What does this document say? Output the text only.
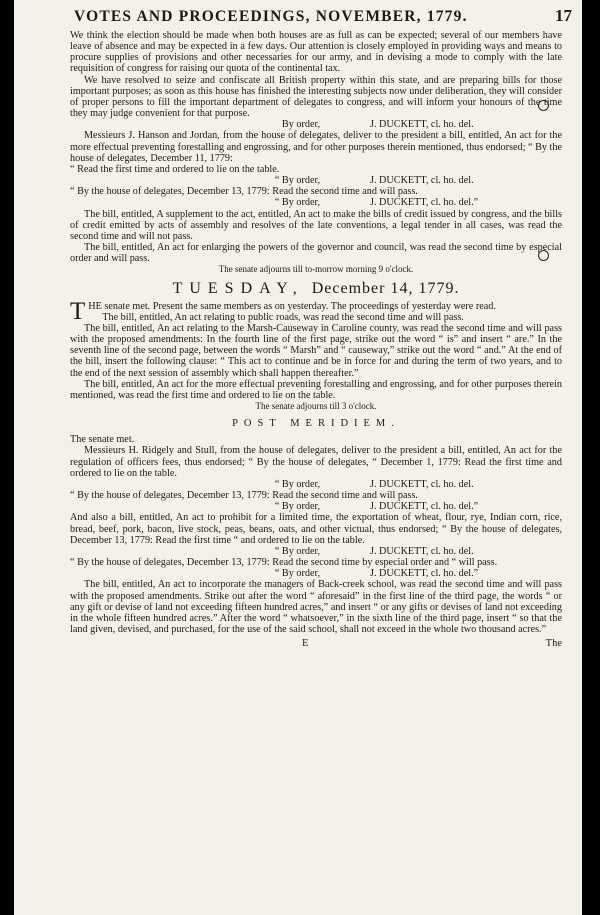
VOTES AND PROCEEDINGS, NOVEMBER, 1779.	17

We think the election should be made when both houses are as full as can be expected; several of our members have leave of absence and may be expected in a few days. Our attention is closely employed in providing ways and means to procure supplies of provisions and other necessaries for our army, and in devising a mode to comply with the late requisition of congress for raising our quota of the continental tax.

We have resolved to seize and confiscate all British property within this state, and are preparing bills for those important purposes; as soon as this house has finished the interesting subjects now under deliberation, they will consider of proper persons to fill the important department of delegates to congress, and will inform your honours of the time they may judge convenient for that purpose.

By order,	J. DUCKETT, cl. ho. del.

Messieurs J. Hanson and Jordan, from the house of delegates, deliver to the president a bill, entitled, An act for the more effectual preventing forestalling and engrossing, and for other purposes therein mentioned, thus endorsed; “ By the house of delegates, December 11, 1779:

“ Read the first time and ordered to lie on the table.
“ By order,	J. DUCKETT, cl. ho. del.
“ By the house of delegates, December 13, 1779: Read the second time and will pass.
“ By order,	J. DUCKETT, cl. ho. del.”

The bill, entitled, A supplement to the act, entitled, An act to make the bills of credit issued by congress, and the bills of credit emitted by acts of assembly and resolves of the late conventions, a legal tender in all cases, was read the second time and will not pass.

The bill, entitled, An act for enlarging the powers of the governor and council, was read the second time by especial order and will pass.

The senate adjourns till to-morrow morning 9 o'clock.
TUESDAY, December 14, 1779.
THE senate met. Present the same members as on yesterday. The proceedings of yesterday were read.

The bill, entitled, An act relating to public roads, was read the second time and will pass.

The bill, entitled, An act relating to the Marsh-Causeway in Caroline county, was read the second time and will pass with the proposed amendments: In the fourth line of the first page, strike out the word “ is” and insert “ are.” In the seventh line of the second page, between the words “ Marsh” and “ causeway,” strike out the word “ and.” At the end of the bill, insert the following clause: “ This act to continue and be in force for and during the term of two years, and to the end of the next session of assembly which shall happen thereafter.”

The bill, entitled, An act for the more effectual preventing forestalling and engrossing, and for other purposes therein mentioned, was read the first time and ordered to lie on the table.

The senate adjourns till 3 o'clock.
POST MERIDIEM.
The senate met.

Messieurs H. Ridgely and Stull, from the house of delegates, deliver to the president a bill, entitled, An act for the regulation of officers fees, thus endorsed; “ By the house of delegates, “ December 1, 1779: Read the first time and ordered to lie on the table.

“ By order,	J. DUCKETT, cl. ho. del.
“ By the house of delegates, December 13, 1779: Read the second time and will pass.
“ By order,	J. DUCKETT, cl. ho. del.”

And also a bill, entitled, An act to prohibit for a limited time, the exportation of wheat, flour, rye, Indian corn, rice, bread, beef, pork, bacon, live stock, peas, beans, oats, and other victual, thus endorsed; “ By the house of delegates, December 13, 1779: Read the first time “ and ordered to lie on the table.

“ By order,	J. DUCKETT, cl. ho. del.
“ By the house of delegates, December 13, 1779: Read the second time by especial order and “ will pass.
“ By order,	J. DUCKETT, cl. ho. del.”

The bill, entitled, An act to incorporate the managers of Back-creek school, was read the second time and will pass with the proposed amendments. Strike out after the word “ aforesaid” in the first line of the third page, the words “ or any gift or devise of land not exceeding fifteen hundred acres,” and insert “ or any gifts or devises of land not exceeding in the whole fifteen hundred acres.” After the word “ whatsoever,” in the sixth line of the third page, insert “ so that the land given, devised, and purchased, for the use of the said school, shall not exceed in the whole two thousand acres.”

E	The
